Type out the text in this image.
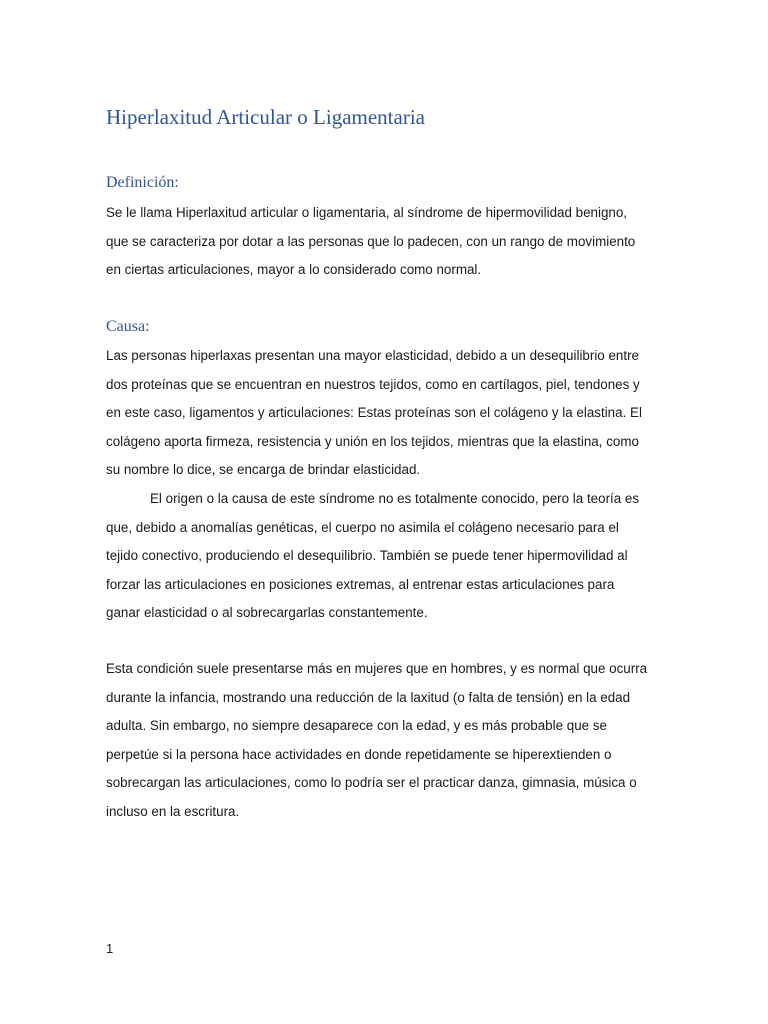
Hiperlaxitud Articular o Ligamentaria
Definición:

Se le llama Hiperlaxitud articular o ligamentaria, al síndrome de hipermovilidad benigno,
que se caracteriza por dotar a las personas que lo padecen, con un rango de movimiento
en ciertas articulaciones, mayor a lo considerado como normal.

Causa:

Las personas hiperlaxas presentan una mayor elasticidad, debido a un desequilibrio entre
dos proteínas que se encuentran en nuestros tejidos, como en cartílagos, piel, tendones y
en este caso, ligamentos y articulaciones: Estas proteínas son el colágeno y la elastina. El
colágeno aporta firmeza, resistencia y unión en los tejidos, mientras que la elastina, como
su nombre lo dice, se encarga de brindar elasticidad.

El origen o la causa de este síndrome no es totalmente conocido, pero la teoría es
que, debido a anomalías genéticas, el cuerpo no asimila el colágeno necesario para el
tejido conectivo, produciendo el desequilibrio. También se puede tener hipermovilidad al
forzar las articulaciones en posiciones extremas, al entrenar estas articulaciones para
ganar elasticidad o al sobrecargarlas constantemente.

Esta condición suele presentarse más en mujeres que en hombres, y es normal que ocurra
durante la infancia, mostrando una reducción de la laxitud (o falta de tensión) en la edad
adulta. Sin embargo, no siempre desaparece con la edad, y es más probable que se
perpetúe si la persona hace actividades en donde repetidamente se hiperextienden o
sobrecargan las articulaciones, como lo podría ser el practicar danza, gimnasia, música o
incluso en la escritura.

1
